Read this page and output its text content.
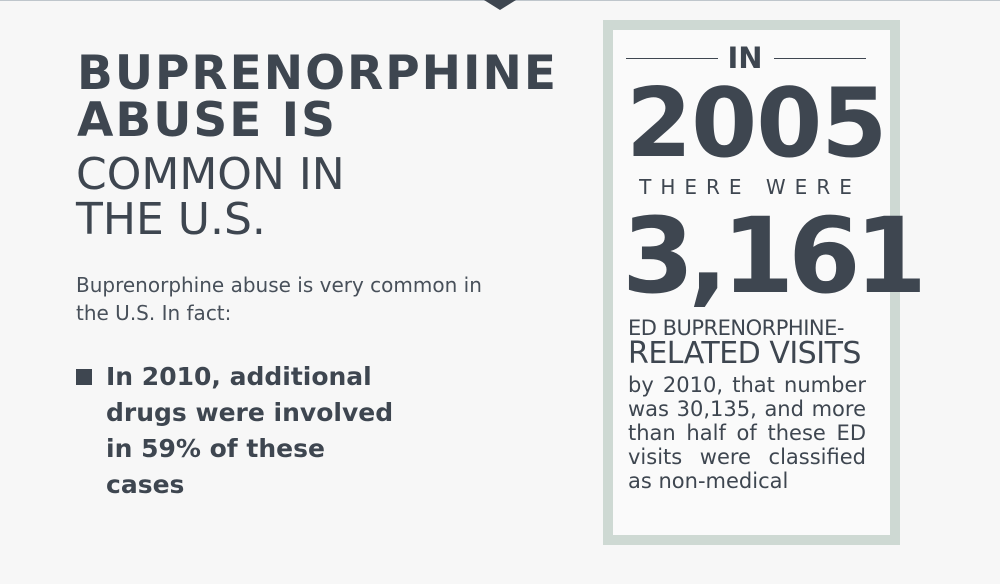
BUPRENORPHINE
ABUSE IS
COMMON IN
THE U.S.

Buprenorphine abuse is very common in the U.S. In fact:

In 2010, additional drugs were involved in 59% of these cases

IN
2005
THERE WERE
3,161
ED BUPRENORPHINE-
RELATED VISITS

by 2010, that number was 30,135, and more than half of these ED visits were classified as non-medical
